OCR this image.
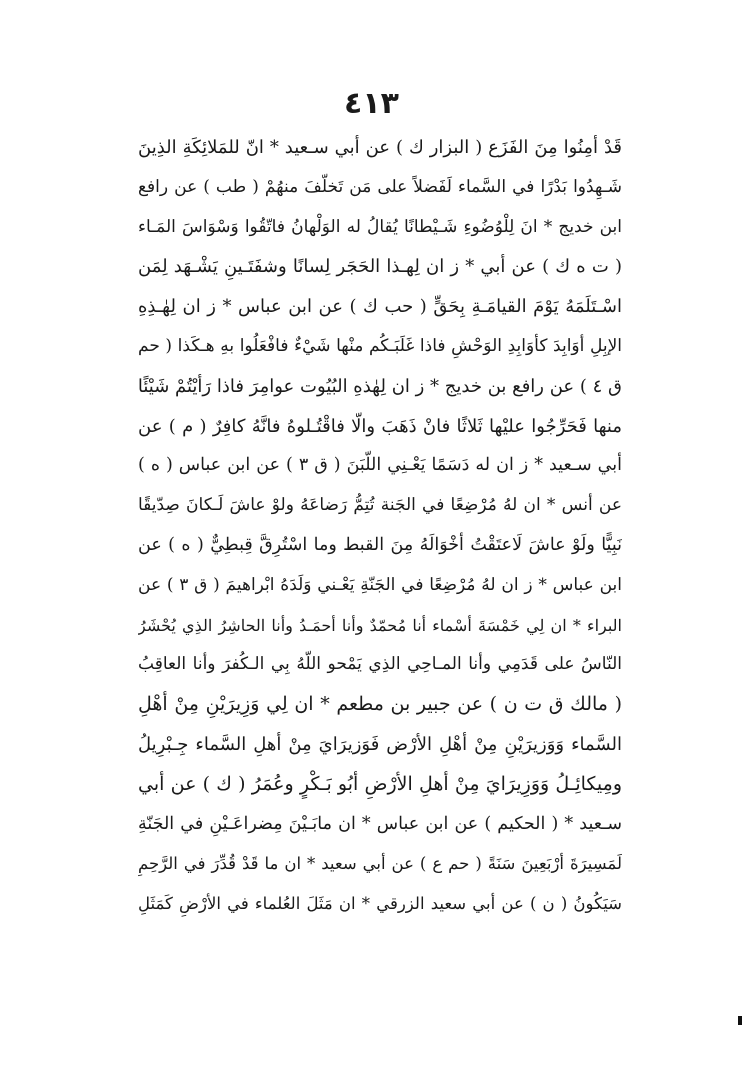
٤١٣
قَدْ أمِنُوا مِنَ الفَزَع ( البزار ك ) عن أبي سـعيد * انّ للمَلائِكَةِ الذِينَ
شَـهِدُوا بَدْرًا في السَّماء لَفَضلاً على مَن تَخلّفَ منهُمْ ( طب ) عن رافع
ابن خديج * انَ لِلْوُضُوءِ شَـيْطانًا يُقالُ له الوَلْهانُ فاتّقُوا وَسْوَاسَ المَـاء
( ت ه ك ) عن أبي * ز ان لِهـذا الحَجَر لِسانًا وشفَتَـينِ يَشْـهَد لِمَن
اسْـتَلَمَهُ يَوْمَ القيامَـةِ بِحَقٍّ ( حب ك ) عن ابن عباس * ز ان لِهٰـذِهِ
الإبِلِ أوَابِدَ كأوَابِدِ الوَحْشِ فاذا غَلَبَـكُم منْها شَيْءٌ فافْعَلُوا بهِ هـكَذا ( حم
ق ٤ ) عن رافع بن خديج * ز ان لِهٰذهِ البُيُوت عوامِرَ فاذا رَأيْتُمْ شَيْئًا
منها فَحَرِّجُوا عليْها ثَلاثًا فانْ ذَهَبَ والّا فاقْتُـلوهُ فانَّهُ كافِرٌ ( م ) عن
أبي سـعيد * ز ان له دَسَمًا يَعْـنِي اللّبَنَ ( ق ٣ ) عن ابن عباس ( ه )
عن أنس * ان لهُ مُرْضِعًا في الجَنة تُتِمُّ رَضاعَهُ ولوْ عاشَ لَـكانَ صِدّيقًا
نَبِيًّا ولَوْ عاشَ لَاعتَقْتُ أخْوَالَهُ مِنَ القبط وما اسْتُرِقَّ قِبطِيٌّ ( ه ) عن
ابن عباس * ز ان لهُ مُرْضِعًا في الجَنّةِ يَعْـني وَلَدَهُ ابْراهيمَ ( ق ٣ ) عن
البراء * ان لِي خَمْسَةَ أسْماء أنا مُحمّدٌ وأنا أحمَـدُ وأنا الحاشِرُ الذِي يُحْشَرُ
النّاسُ على قَدَمِي وأنا المـاحِي الذِي يَمْحو اللّهُ بِي الـكُفرَ وأنا العاقِبُ
( مالك ق ت ن ) عن جبير بن مطعم * ان لِي وَزِيرَيْنِ مِنْ أهْلِ
السَّماء وَوَزيرَيْنِ مِنْ أهْلِ الأرْض فَوَزيرَايَ مِنْ أهلِ السَّماء جِـبْرِيلُ
ومِيكائِـلُ وَوَزِيرَايَ مِنْ أهلِ الأرْضِ أبُو بَـكْرٍ وعُمَرُ ( ك ) عن أبي
سـعيد * ( الحكيم ) عن ابن عباس * ان مابَـيْنَ مِضراعَـيْنِ في الجَنّةِ
لَمَسِيرَةَ أرْبَعِينَ سَنَةً ( حم ع ) عن أبي سعيد * ان ما قَدْ قُدِّرَ في الرَّحِمِ
سَيَكُونُ ( ن ) عن أبي سعيد الزرقي * ان مَثَلَ العُلماء في الأرْضِ كَمَثَلِ
